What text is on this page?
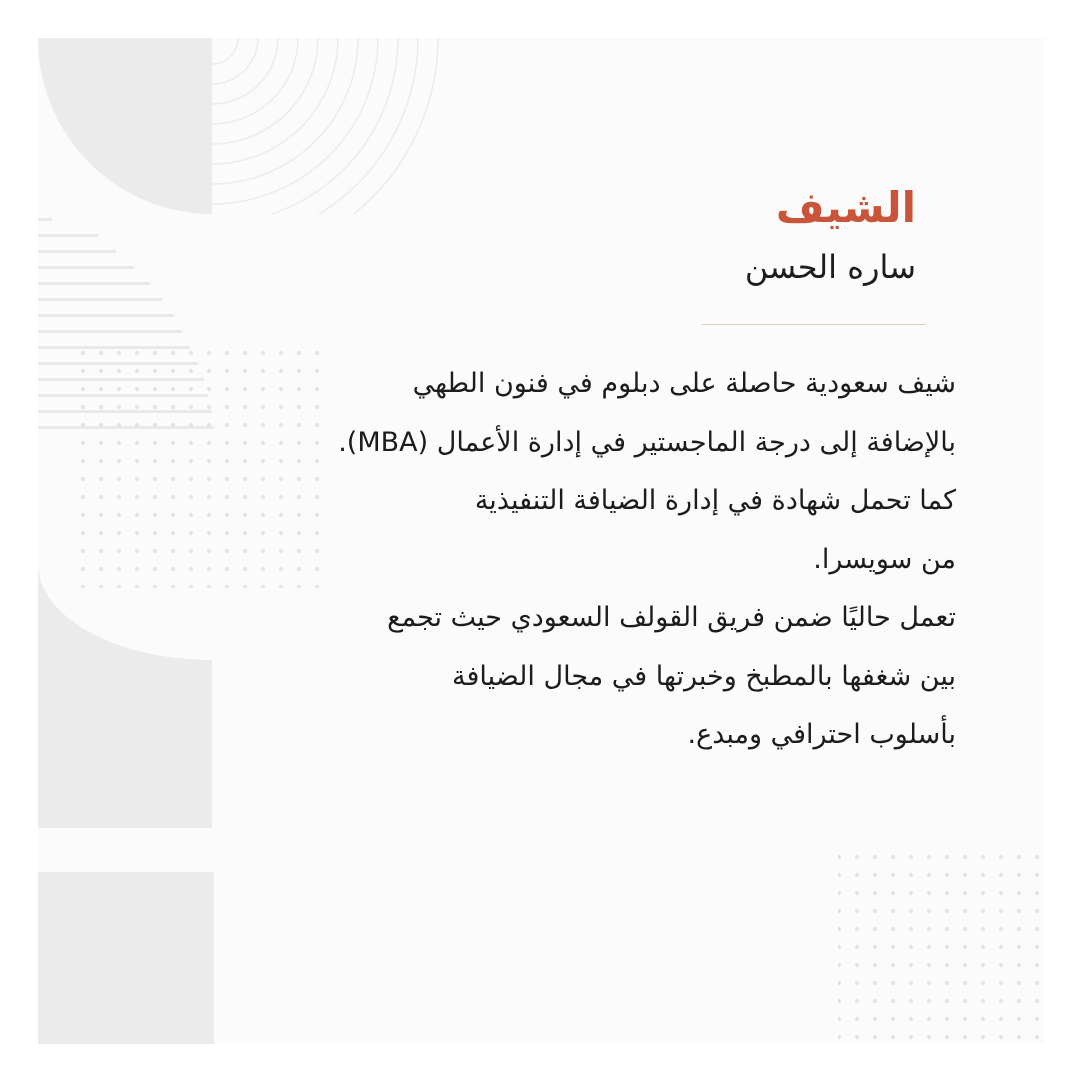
الشيف
ساره الحسن
شيف سعودية حاصلة على دبلوم في فنون الطهي
بالإضافة إلى درجة الماجستير في إدارة الأعمال (MBA).
كما تحمل شهادة في إدارة الضيافة التنفيذية
من سويسرا.
تعمل حاليًا ضمن فريق القولف السعودي حيث تجمع
بين شغفها بالمطبخ وخبرتها في مجال الضيافة
بأسلوب احترافي ومبدع.
